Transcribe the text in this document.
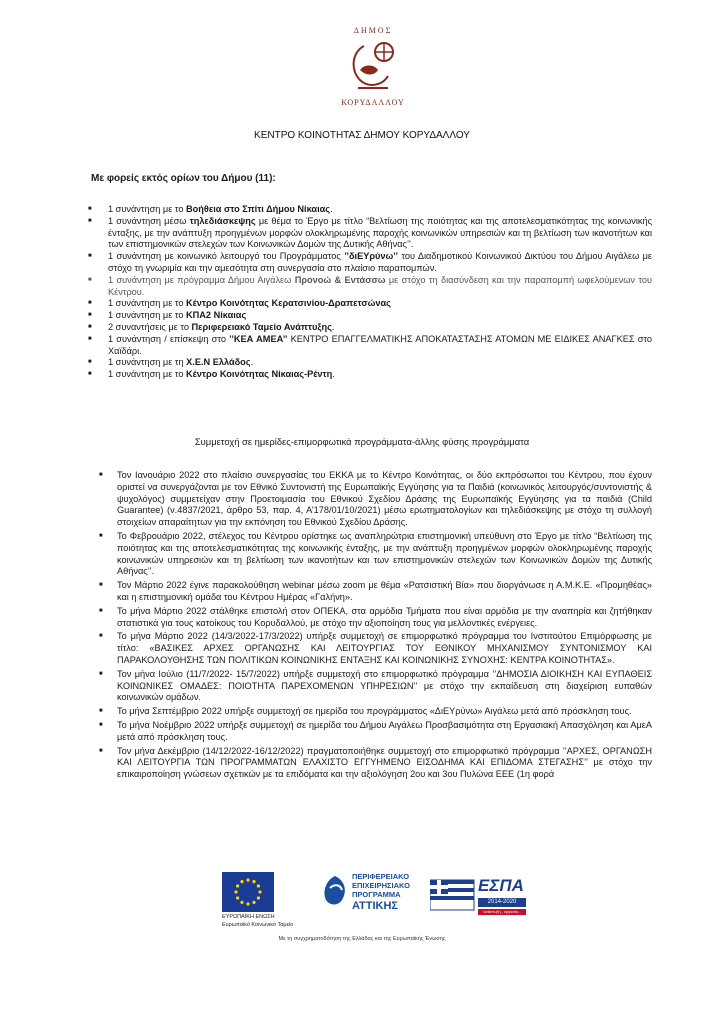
ΔΗΜΟΣ
ΚΟΡΥΔΑΛΛΟΥ
ΚΕΝΤΡΟ ΚΟΙΝΟΤΗΤΑΣ ΔΗΜΟΥ ΚΟΡΥΔΑΛΛΟΥ
Με φορείς εκτός ορίων του Δήμου (11):
■ 1 συνάντηση με το Βοήθεια στο Σπίτι Δήμου Νίκαιας.
■ 1 συνάντηση μέσω τηλεδιάσκεψης με θέμα το Έργο με τίτλο “Βελτίωση της ποιότητας και της αποτελεσματικότητας της κοινωνικής ένταξης, με την ανάπτυξη προηγμένων μορφών ολοκληρωμένης παροχής κοινωνικών υπηρεσιών και τη βελτίωση των ικανοτήτων και των επιστημονικών στελεχών των Κοινωνικών Δομών της Δυτικής Αθήνας’’.
■ 1 συνάντηση με κοινωνικό λειτουργό του Προγράμματος ’’διΕΥρύνω’’ του Διαδημοτικού Κοινωνικού Δικτύου του Δήμου Αιγάλεω με στόχο τη γνωριμία και την αμεσότητα στη συνεργασία στο πλαίσιο παραπομπών.
■ 1 συνάντηση με πρόγραμμα Δήμου Αιγάλεω Προνοώ & Εντάσσω με στόχο τη διασύνδεση και την παραπομπή ωφελούμενων του Κέντρου.
■ 1 συνάντηση με το Κέντρο Κοινότητας Κερατσινίου-Δραπετσώνας
■ 1 συνάντηση με το ΚΠΑ2 Νίκαιας
■ 2 συναντήσεις με το Περιφερειακό Ταμείο Ανάπτυξης.
■ 1 συνάντηση / επίσκεψη στο ’’ΚΕΑ ΑΜΕΑ’’ ΚΕΝΤΡΟ ΕΠΑΓΓΕΛΜΑΤΙΚΗΣ ΑΠΟΚΑΤΑΣΤΑΣΗΣ ΑΤΟΜΩΝ ΜΕ ΕΙΔΙΚΕΣ ΑΝΑΓΚΕΣ στο Χαϊδάρι.
■ 1 συνάντηση με τη Χ.Ε.Ν Ελλάδος.
■ 1 συνάντηση με το Κέντρο Κοινότητας Νίκαιας-Ρέντη.
Συμμετοχή σε ημερίδες-επιμορφωτικά προγράμματα-άλλης φύσης προγράμματα
■ Τον Ιανουάριο 2022 στο πλαίσιο συνεργασίας του ΕΚΚΑ με το Κέντρο Κοινότητας, οι δύο εκπρόσωποι του Κέντρου, που έχουν οριστεί να συνεργάζονται με τον Εθνικό Συντονιστή της Ευρωπαϊκής Εγγύησης για τα Παιδιά (κοινωνικός λειτουργός/συντονιστής & ψυχολόγος) συμμετείχαν στην Προετοιμασία του Εθνικού Σχεδίου Δράσης της Ευρωπαϊκής Εγγύησης για τα παιδιά (Child Guarantee) (ν.4837/2021, άρθρο 53, παρ. 4, Α’178/01/10/2021) μέσω ερωτηματολογίων και τηλεδιάσκεψης με στόχο τη συλλογή στοιχείων απαραίτητων για την εκπόνηση του Εθνικού Σχεδίου Δράσης.
■ Το Φεβρουάριο 2022, στέλεχος του Κέντρου ορίστηκε ως αναπληρώτρια επιστημονική υπεύθυνη στο Έργο με τίτλο “Βελτίωση της ποιότητας και της αποτελεσματικότητας της κοινωνικής ένταξης, με την ανάπτυξη προηγμένων μορφών ολοκληρωμένης παροχής κοινωνικών υπηρεσιών και τη βελτίωση των ικανοτήτων και των επιστημονικών στελεχών των Κοινωνικών Δομών της Δυτικής Αθήνας’’.
■ Τον Μάρτιο 2022 έγινε παρακολούθηση webinar μέσω zoom με θέμα «Ρατσιστική Βία» που διοργάνωσε η Α.Μ.Κ.Ε. «Προμηθέας» και η επιστημονική ομάδα του Κέντρου Ημέρας «Γαλήνη».
■ Το μήνα Μάρτιο 2022 στάλθηκε επιστολή στον ΟΠΕΚΑ, στα αρμόδια Τμήματα που είναι αρμόδια με την αναπηρία και ζητήθηκαν στατιστικά για τους κατοίκους του Κορυδαλλού, με στόχο την αξιοποίηση τους για μελλοντικές ενέργειες.
■ Το μήνα Μάρτιο 2022 (14/3/2022-17/3/2022) υπήρξε συμμετοχή σε επιμορφωτικό πρόγραμμα του Ινστιτούτου Επιμόρφωσης με τίτλο: «ΒΑΣΙΚΕΣ ΑΡΧΕΣ ΟΡΓΑΝΩΣΗΣ ΚΑΙ ΛΕΙΤΟΥΡΓΙΑΣ ΤΟΥ ΕΘΝΙΚΟΥ ΜΗΧΑΝΙΣΜΟΥ ΣΥΝΤΟΝΙΣΜΟΥ ΚΑΙ ΠΑΡΑΚΟΛΟΥΘΗΣΗΣ ΤΩΝ ΠΟΛΙΤΙΚΩΝ ΚΟΙΝΩΝΙΚΗΣ ΕΝΤΑΞΗΣ ΚΑΙ ΚΟΙΝΩΝΙΚΗΣ ΣΥΝΟΧΗΣ: ΚΕΝΤΡΑ ΚΟΙΝΟΤΗΤΑΣ».
■ Τον μήνα Ιούλιο (11/7/2022- 15/7/2022) υπήρξε συμμετοχή στο επιμορφωτικό πρόγραμμα ’’ΔΗΜΟΣΙΑ ΔΙΟΙΚΗΣΗ ΚΑΙ ΕΥΠΑΘΕΙΣ ΚΟΙΝΩΝΙΚΕΣ ΟΜΑΔΕΣ: ΠΟΙΟΤΗΤΑ ΠΑΡΕΧΟΜΕΝΩΝ ΥΠΗΡΕΣΙΩΝ’’ με στόχο την εκπαίδευση στη διαχείριση ευπαθών κοινωνικών ομάδων.
■ Το μήνα Σεπτέμβριο 2022 υπήρξε συμμετοχή σε ημερίδα του προγράμματος «ΔιΕΥρύνω» Αιγάλεω μετά από πρόσκληση τους.
■ Το μήνα Νοέμβριο 2022 υπήρξε συμμετοχή σε ημερίδα του Δήμου Αιγάλεω Προσβασιμότητα στη Εργασιακή Απασχόληση και ΑμεΑ μετά από πρόσκληση τους.
■ Τον μήνα Δεκέμβριο (14/12/2022-16/12/2022) πραγματοποιήθηκε συμμετοχή στο επιμορφωτικό πρόγραμμα ’’ΑΡΧΕΣ, ΟΡΓΑΝΩΣΗ ΚΑΙ ΛΕΙΤΟΥΡΓΙΑ ΤΩΝ ΠΡΟΓΡΑΜΜΑΤΩΝ ΕΛΑΧΙΣΤΟ ΕΓΓΥΗΜΕΝΟ ΕΙΣΟΔΗΜΑ ΚΑΙ ΕΠΙΔΟΜΑ ΣΤΕΓΑΣΗΣ’’ με στόχο την επικαιροποίηση γνώσεων σχετικών με τα επιδόματα και την αξιολόγηση 2ου και 3ου Πυλώνα ΕΕΕ (1η φορά
ΕΥΡΩΠΑΪΚΗ ΕΝΩΣΗ
Ευρωπαϊκό Κοινωνικό Ταμείο
ΠΕΡΙΦΕΡΕΙΑΚΟ
ΕΠΙΧΕΙΡΗΣΙΑΚΟ
ΠΡΟΓΡΑΜΜΑ
ΑΤΤΙΚΗΣ
ΕΣΠΑ
2014-2020
ανάπτυξη - εργασία - αλληλεγγύη
Με τη συγχρηματοδότηση της Ελλάδας και της Ευρωπαϊκής Ένωσης
